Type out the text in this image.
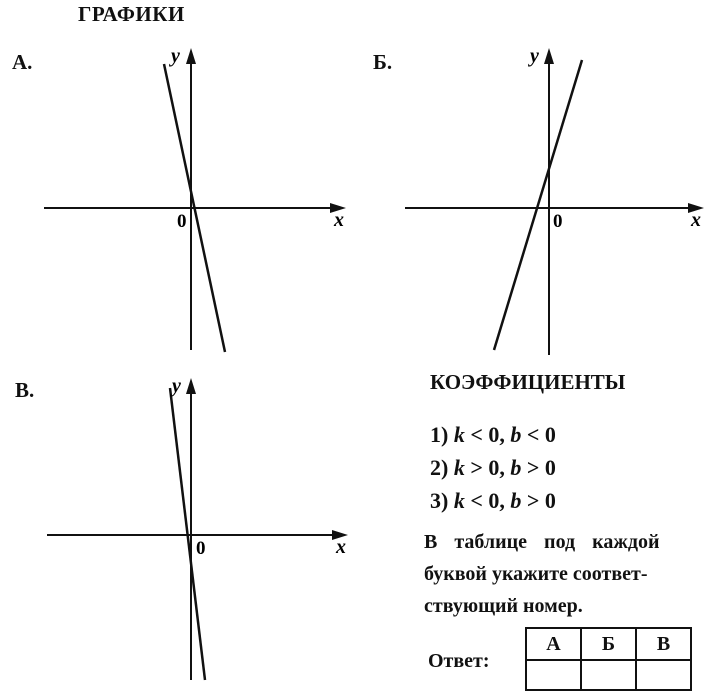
ГРАФИКИ
А.	y
x
0
Б.	y
x
0
В.	y
x
0
КОЭФФИЦИЕНТЫ
1) k < 0, b < 0
2) k > 0, b > 0
3) k < 0, b > 0
В таблице под каждой
буквой укажите соответ-
ствующий номер.
Ответ:
А	Б	В
